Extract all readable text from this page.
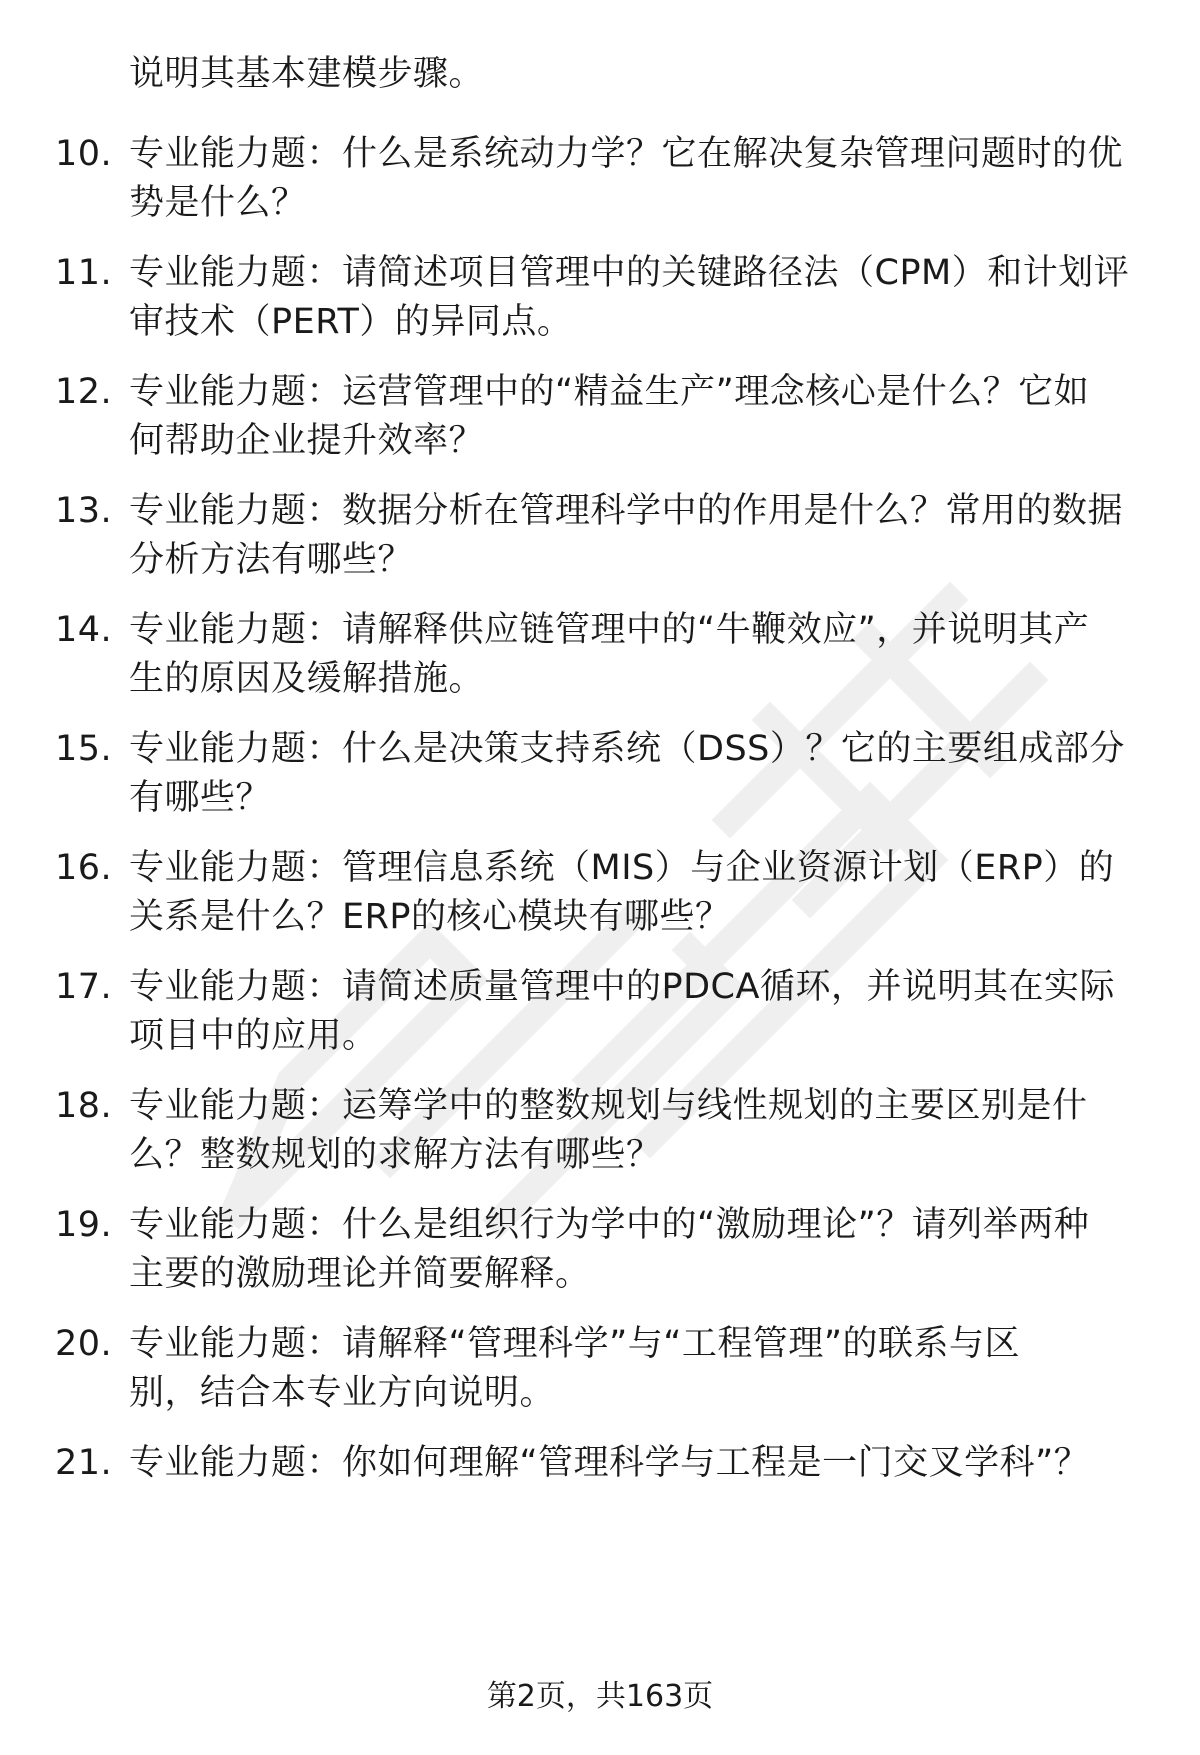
说明其基本建模步骤。
10. 专业能力题：什么是系统动力学？它在解决复杂管理问题时的优
势是什么？
11. 专业能力题：请简述项目管理中的关键路径法（CPM）和计划评
审技术（PERT）的异同点。
12. 专业能力题：运营管理中的“精益生产”理念核心是什么？它如
何帮助企业提升效率？
13. 专业能力题：数据分析在管理科学中的作用是什么？常用的数据
分析方法有哪些？
14. 专业能力题：请解释供应链管理中的“牛鞭效应”，并说明其产
生的原因及缓解措施。
15. 专业能力题：什么是决策支持系统（DSS）？它的主要组成部分
有哪些？
16. 专业能力题：管理信息系统（MIS）与企业资源计划（ERP）的
关系是什么？ERP的核心模块有哪些？
17. 专业能力题：请简述质量管理中的PDCA循环，并说明其在实际
项目中的应用。
18. 专业能力题：运筹学中的整数规划与线性规划的主要区别是什
么？整数规划的求解方法有哪些？
19. 专业能力题：什么是组织行为学中的“激励理论”？请列举两种
主要的激励理论并简要解释。
20. 专业能力题：请解释“管理科学”与“工程管理”的联系与区
别，结合本专业方向说明。
21. 专业能力题：你如何理解“管理科学与工程是一门交叉学科”？
第2页，共163页
